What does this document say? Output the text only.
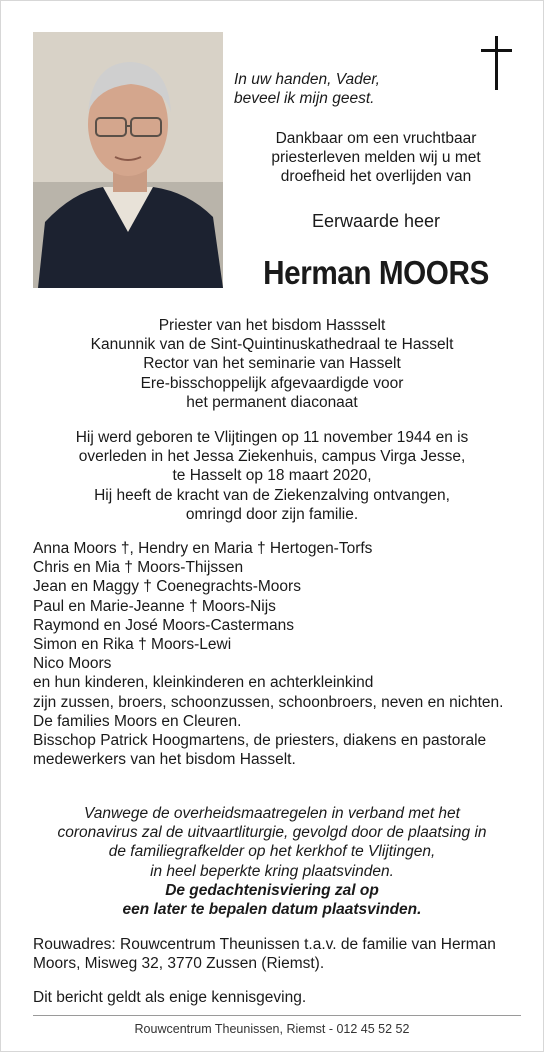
In uw handen, Vader,
beveel ik mijn geest.
Dankbaar om een vruchtbaar
priesterleven melden wij u met
droefheid het overlijden van
Eerwaarde heer
Herman MOORS
Priester van het bisdom Hassselt
Kanunnik van de Sint-Quintinuskathedraal te Hasselt
Rector van het seminarie van Hasselt
Ere-bisschoppelijk afgevaardigde voor
het permanent diaconaat
Hij werd geboren te Vlijtingen op 11 november 1944 en is
overleden in het Jessa Ziekenhuis, campus Virga Jesse,
te Hasselt op 18 maart 2020,
Hij heeft de kracht van de Ziekenzalving ontvangen,
omringd door zijn familie.
Anna Moors †, Hendry en Maria † Hertogen-Torfs
Chris en Mia † Moors-Thijssen
Jean en Maggy † Coenegrachts-Moors
Paul en Marie-Jeanne † Moors-Nijs
Raymond en José Moors-Castermans
Simon en Rika † Moors-Lewi
Nico Moors
en hun kinderen, kleinkinderen en achterkleinkind
zijn zussen, broers, schoonzussen, schoonbroers, neven en nichten.
De families Moors en Cleuren.
Bisschop Patrick Hoogmartens, de priesters, diakens en pastorale medewerkers van het bisdom Hasselt.
Vanwege de overheidsmaatregelen in verband met het
coronavirus zal de uitvaartliturgie, gevolgd door de plaatsing in
de familiegrafkelder op het kerkhof te Vlijtingen,
in heel beperkte kring plaatsvinden.
De gedachtenisviering zal op
een later te bepalen datum plaatsvinden.
Rouwadres: Rouwcentrum Theunissen t.a.v. de familie van Herman Moors, Misweg 32, 3770 Zussen (Riemst).
Dit bericht geldt als enige kennisgeving.
Rouwcentrum Theunissen, Riemst - 012 45 52 52
